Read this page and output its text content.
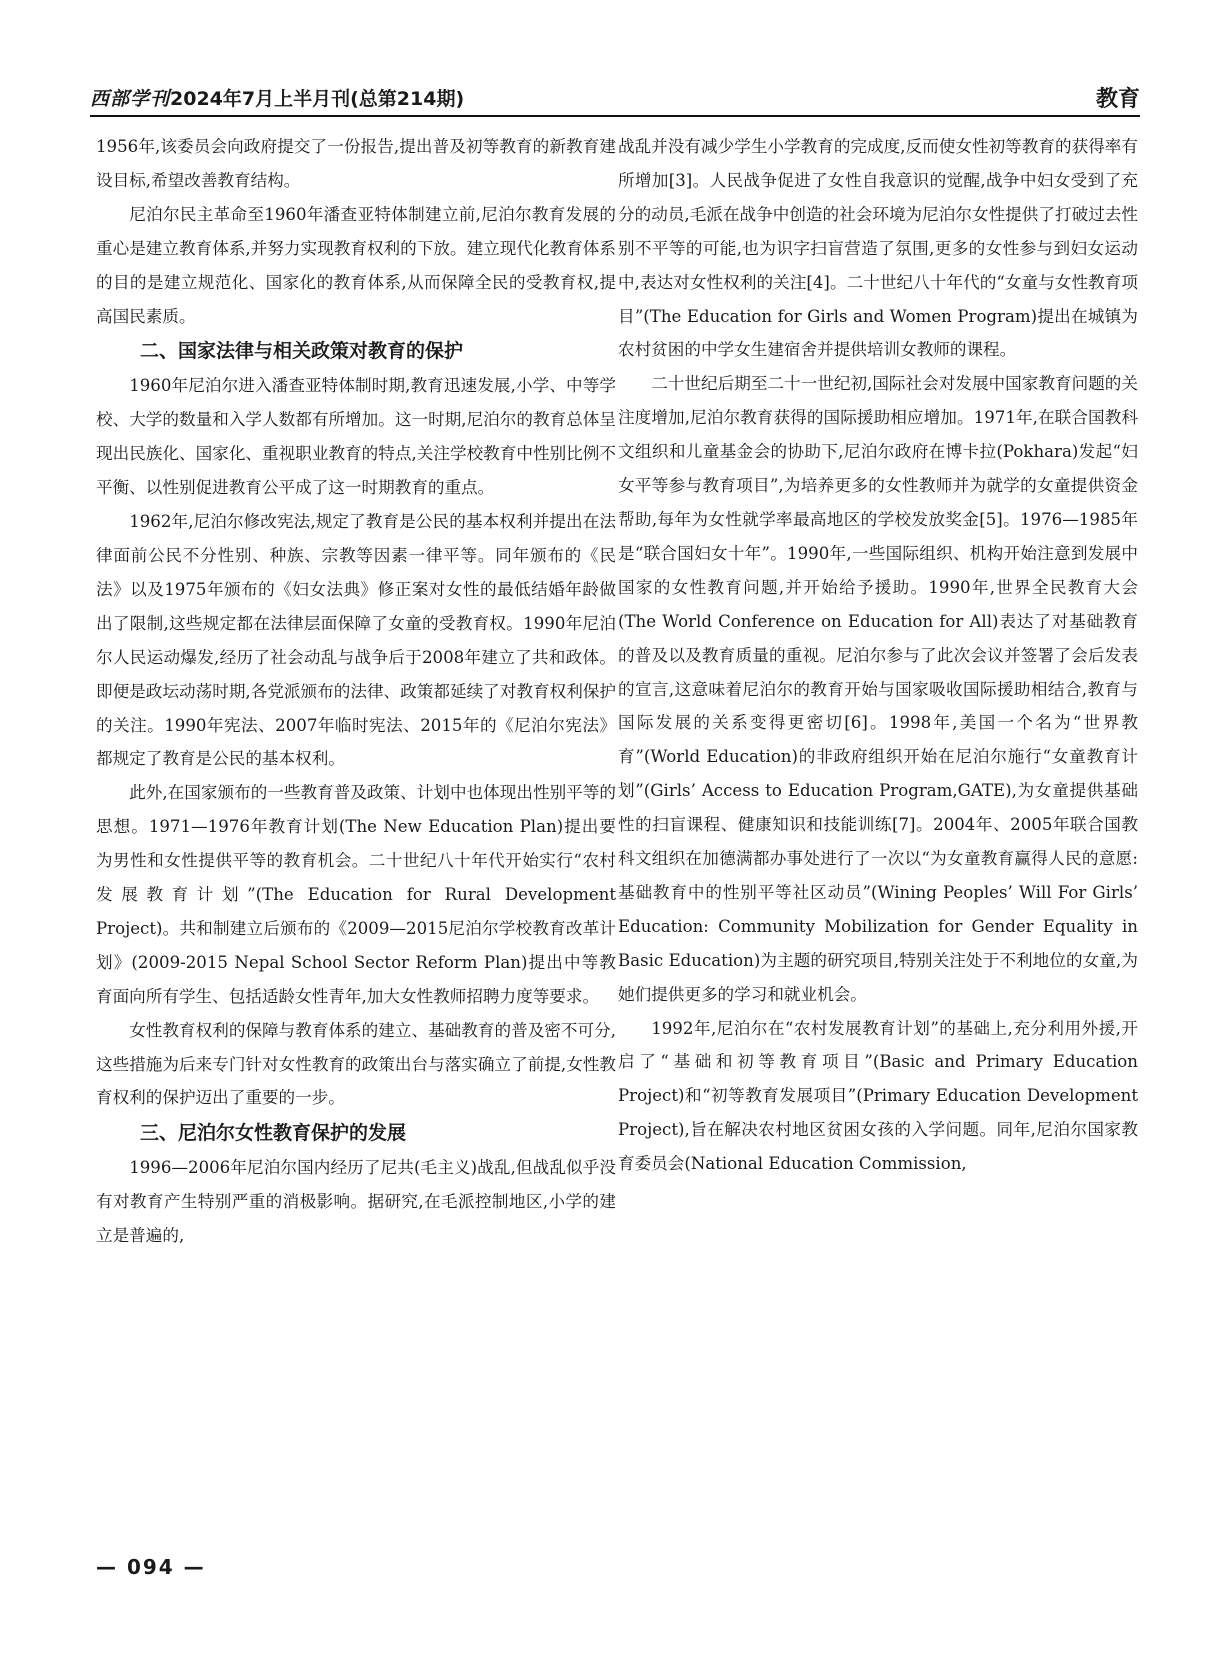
西部学刊2024年7月上半月刊(总第214期)	教育

1956年,该委员会向政府提交了一份报告,提出普及初等教育的新教育建设目标,希望改善教育结构。

尼泊尔民主革命至1960年潘查亚特体制建立前,尼泊尔教育发展的重心是建立教育体系,并努力实现教育权利的下放。建立现代化教育体系的目的是建立规范化、国家化的教育体系,从而保障全民的受教育权,提高国民素质。

二、国家法律与相关政策对教育的保护

1960年尼泊尔进入潘查亚特体制时期,教育迅速发展,小学、中等学校、大学的数量和入学人数都有所增加。这一时期,尼泊尔的教育总体呈现出民族化、国家化、重视职业教育的特点,关注学校教育中性别比例不平衡、以性别促进教育公平成了这一时期教育的重点。

1962年,尼泊尔修改宪法,规定了教育是公民的基本权利并提出在法律面前公民不分性别、种族、宗教等因素一律平等。同年颁布的《民法》以及1975年颁布的《妇女法典》修正案对女性的最低结婚年龄做出了限制,这些规定都在法律层面保障了女童的受教育权。1990年尼泊尔人民运动爆发,经历了社会动乱与战争后于2008年建立了共和政体。即便是政坛动荡时期,各党派颁布的法律、政策都延续了对教育权利保护的关注。1990年宪法、2007年临时宪法、2015年的《尼泊尔宪法》都规定了教育是公民的基本权利。

此外,在国家颁布的一些教育普及政策、计划中也体现出性别平等的思想。1971—1976年教育计划(The New Education Plan)提出要为男性和女性提供平等的教育机会。二十世纪八十年代开始实行“农村发展教育计划”(The Education for Rural Development Project)。共和制建立后颁布的《2009—2015尼泊尔学校教育改革计划》(2009-2015 Nepal School Sector Reform Plan)提出中等教育面向所有学生、包括适龄女性青年,加大女性教师招聘力度等要求。

女性教育权利的保障与教育体系的建立、基础教育的普及密不可分,这些措施为后来专门针对女性教育的政策出台与落实确立了前提,女性教育权利的保护迈出了重要的一步。

三、尼泊尔女性教育保护的发展

1996—2006年尼泊尔国内经历了尼共(毛主义)战乱,但战乱似乎没有对教育产生特别严重的消极影响。据研究,在毛派控制地区,小学的建立是普遍的,

战乱并没有减少学生小学教育的完成度,反而使女性初等教育的获得率有所增加[3]。人民战争促进了女性自我意识的觉醒,战争中妇女受到了充分的动员,毛派在战争中创造的社会环境为尼泊尔女性提供了打破过去性别不平等的可能,也为识字扫盲营造了氛围,更多的女性参与到妇女运动中,表达对女性权利的关注[4]。二十世纪八十年代的“女童与女性教育项目”(The Education for Girls and Women Program)提出在城镇为农村贫困的中学女生建宿舍并提供培训女教师的课程。

二十世纪后期至二十一世纪初,国际社会对发展中国家教育问题的关注度增加,尼泊尔教育获得的国际援助相应增加。1971年,在联合国教科文组织和儿童基金会的协助下,尼泊尔政府在博卡拉(Pokhara)发起“妇女平等参与教育项目”,为培养更多的女性教师并为就学的女童提供资金帮助,每年为女性就学率最高地区的学校发放奖金[5]。1976—1985年是“联合国妇女十年”。1990年,一些国际组织、机构开始注意到发展中国家的女性教育问题,并开始给予援助。1990年,世界全民教育大会(The World Conference on Education for All)表达了对基础教育的普及以及教育质量的重视。尼泊尔参与了此次会议并签署了会后发表的宣言,这意味着尼泊尔的教育开始与国家吸收国际援助相结合,教育与国际发展的关系变得更密切[6]。1998年,美国一个名为“世界教育”(World Education)的非政府组织开始在尼泊尔施行“女童教育计划”(Girls’ Access to Education Program,GATE),为女童提供基础性的扫盲课程、健康知识和技能训练[7]。2004年、2005年联合国教科文组织在加德满都办事处进行了一次以“为女童教育赢得人民的意愿:基础教育中的性别平等社区动员”(Wining Peoples’ Will For Girls’ Education: Community Mobilization for Gender Equality in Basic Education)为主题的研究项目,特别关注处于不利地位的女童,为她们提供更多的学习和就业机会。

1992年,尼泊尔在“农村发展教育计划”的基础上,充分利用外援,开启了“基础和初等教育项目”(Basic and Primary Education Project)和“初等教育发展项目”(Primary Education Development Project),旨在解决农村地区贫困女孩的入学问题。同年,尼泊尔国家教育委员会(National Education Commission,

— 094 —
